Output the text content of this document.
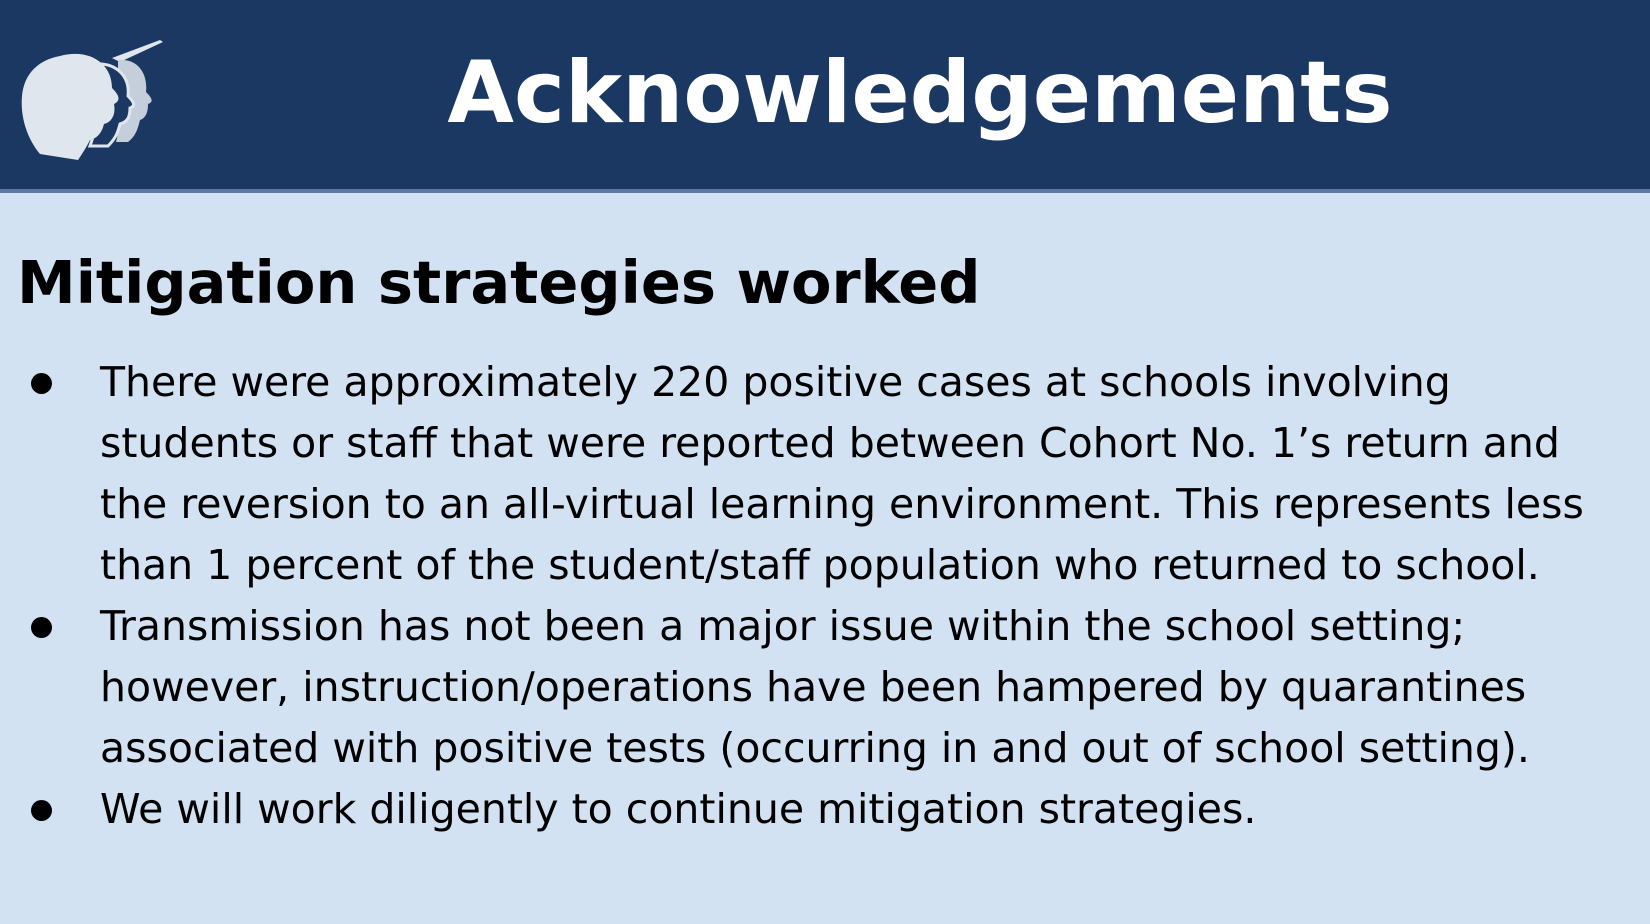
Acknowledgements
Mitigation strategies worked
There were approximately 220 positive cases at schools involving students or staff that were reported between Cohort No. 1’s return and the reversion to an all-virtual learning environment. This represents less than 1 percent of the student/staff population who returned to school.
Transmission has not been a major issue within the school setting; however, instruction/operations have been hampered by quarantines associated with positive tests (occurring in and out of school setting).
We will work diligently to continue mitigation strategies.
